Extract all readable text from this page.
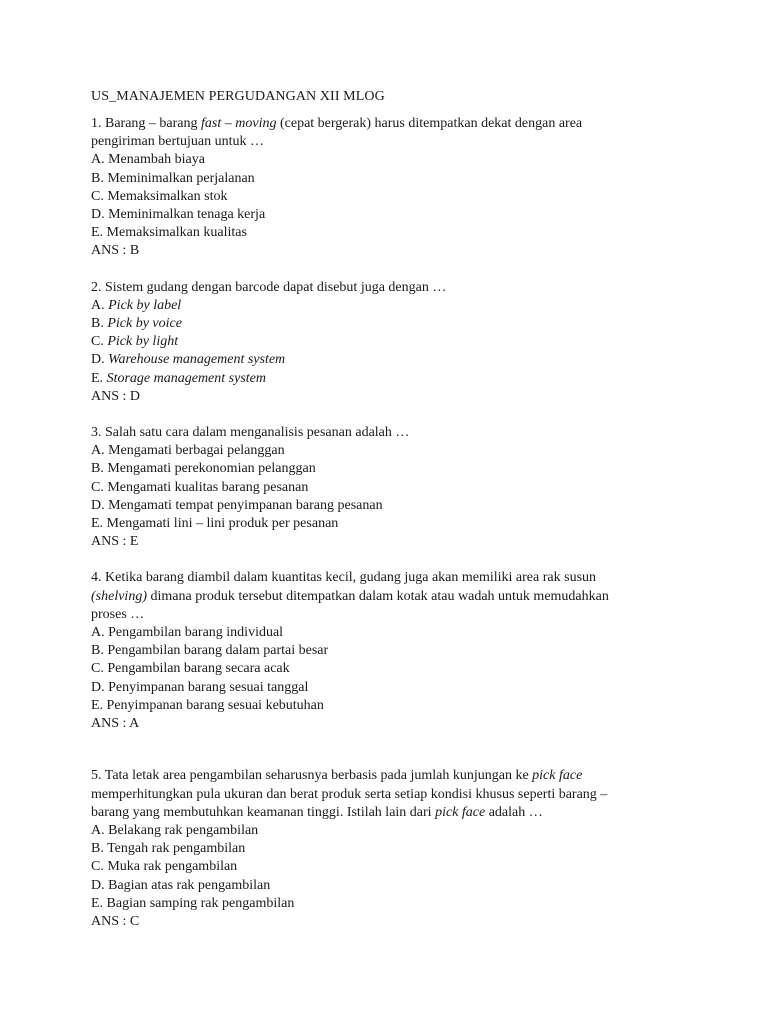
US_MANAJEMEN PERGUDANGAN XII MLOG
1. Barang – barang fast – moving (cepat bergerak) harus ditempatkan dekat dengan area
pengiriman bertujuan untuk …
A. Menambah biaya
B. Meminimalkan perjalanan
C. Memaksimalkan stok
D. Meminimalkan tenaga kerja
E. Memaksimalkan kualitas
ANS : B
2. Sistem gudang dengan barcode dapat disebut juga dengan …
A. Pick by label
B. Pick by voice
C. Pick by light
D. Warehouse management system
E. Storage management system
ANS : D
3. Salah satu cara dalam menganalisis pesanan adalah …
A. Mengamati berbagai pelanggan
B. Mengamati perekonomian pelanggan
C. Mengamati kualitas barang pesanan
D. Mengamati tempat penyimpanan barang pesanan
E. Mengamati lini – lini produk per pesanan
ANS : E
4. Ketika barang diambil dalam kuantitas kecil, gudang juga akan memiliki area rak susun
(shelving) dimana produk tersebut ditempatkan dalam kotak atau wadah untuk memudahkan
proses …
A. Pengambilan barang individual
B. Pengambilan barang dalam partai besar
C. Pengambilan barang secara acak
D. Penyimpanan barang sesuai tanggal
E. Penyimpanan barang sesuai kebutuhan
ANS : A
5. Tata letak area pengambilan seharusnya berbasis pada jumlah kunjungan ke pick face
memperhitungkan pula ukuran dan berat produk serta setiap kondisi khusus seperti barang –
barang yang membutuhkan keamanan tinggi. Istilah lain dari pick face adalah …
A. Belakang rak pengambilan
B. Tengah rak pengambilan
C. Muka rak pengambilan
D. Bagian atas rak pengambilan
E. Bagian samping rak pengambilan
ANS : C
